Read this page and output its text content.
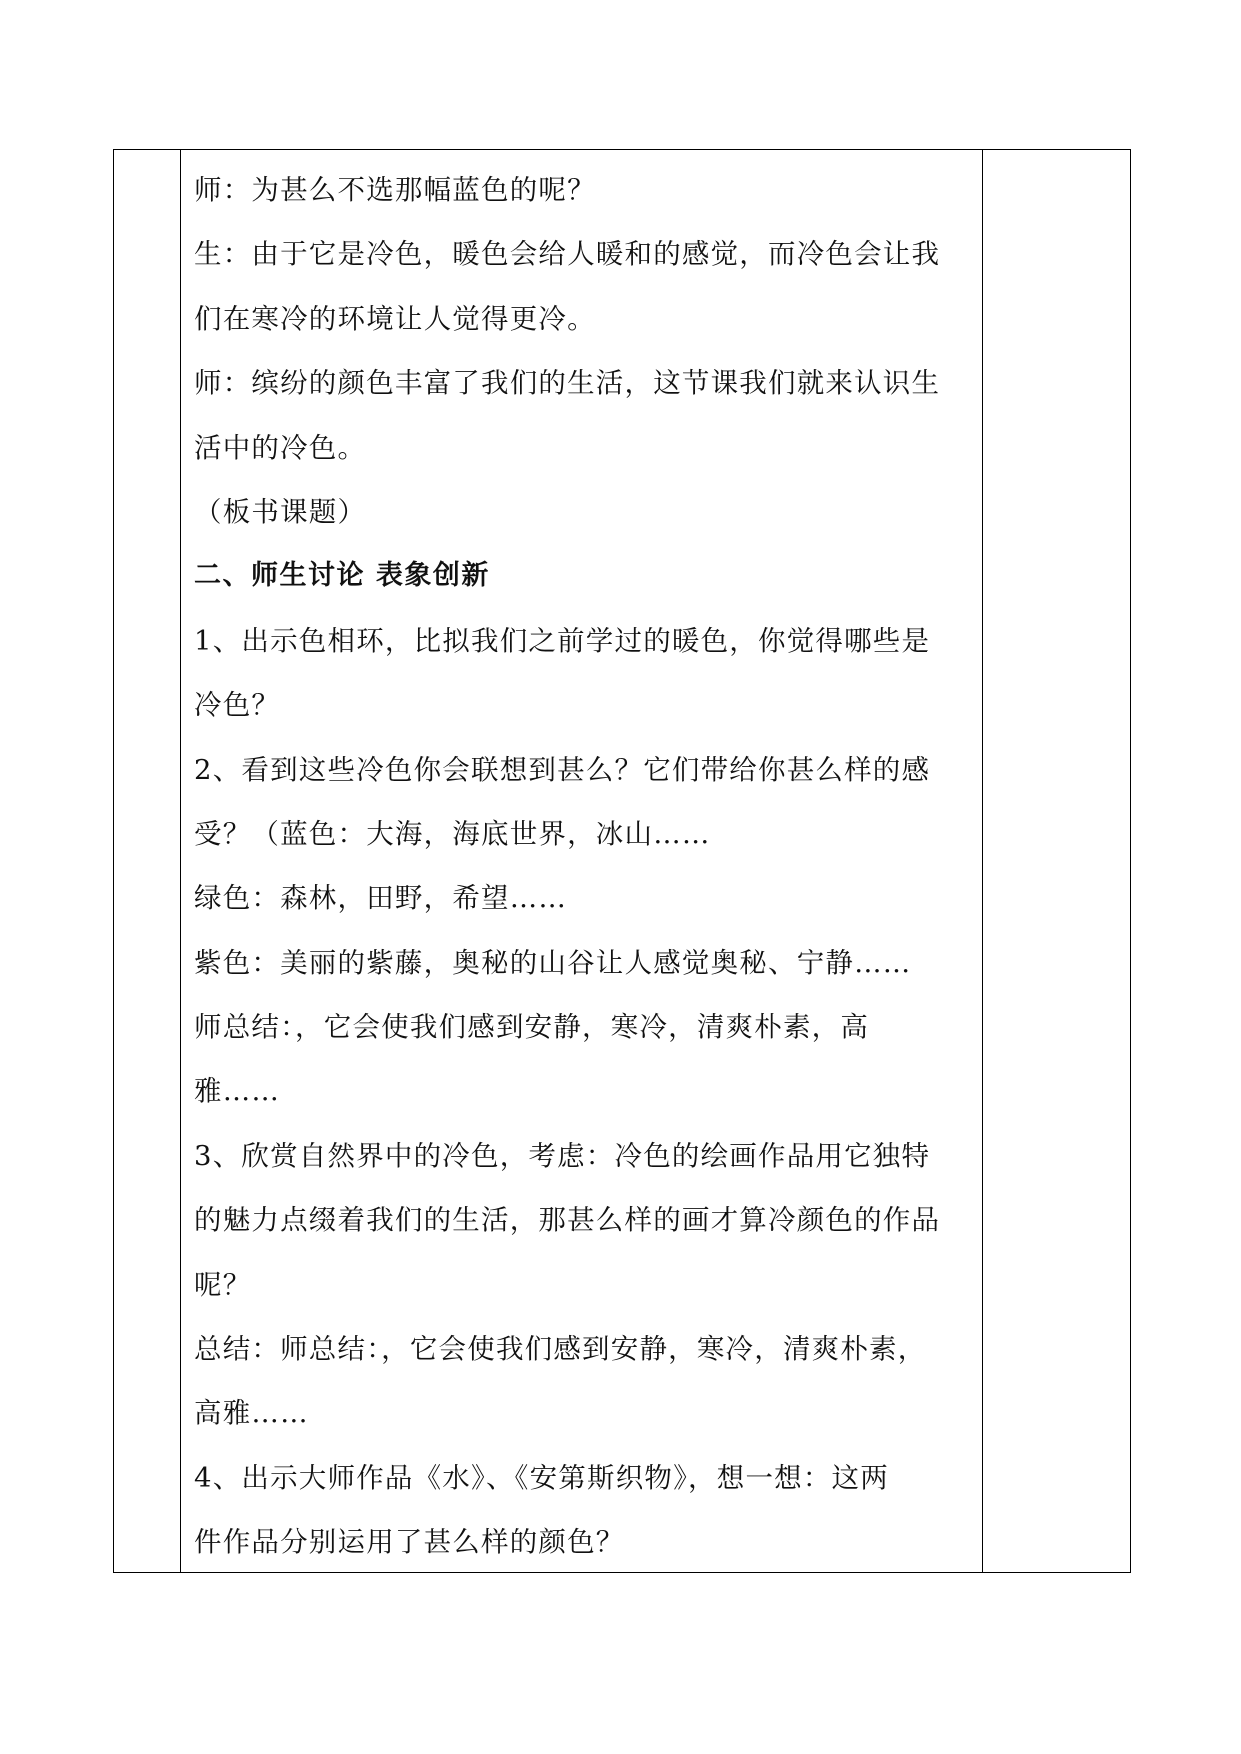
师：为甚么不选那幅蓝色的呢？

生：由于它是冷色，暖色会给人暖和的感觉，而冷色会让我

们在寒冷的环境让人觉得更冷。

师：缤纷的颜色丰富了我们的生活，这节课我们就来认识生

活中的冷色。

（板书课题）

二、师生讨论 表象创新

1、出示色相环，比拟我们之前学过的暖色，你觉得哪些是

冷色？

2、看到这些冷色你会联想到甚么？它们带给你甚么样的感

受？（蓝色：大海，海底世界，冰山……

绿色：森林，田野，希望……

紫色：美丽的紫藤，奥秘的山谷让人感觉奥秘、宁静……

师总结：，它会使我们感到安静，寒冷，清爽朴素，高

雅……

3、欣赏自然界中的冷色，考虑：冷色的绘画作品用它独特

的魅力点缀着我们的生活，那甚么样的画才算冷颜色的作品

呢？

总结：师总结：，它会使我们感到安静，寒冷，清爽朴素，

高雅……

4、出示大师作品《水》、《安第斯织物》，想一想：这两

件作品分别运用了甚么样的颜色？
